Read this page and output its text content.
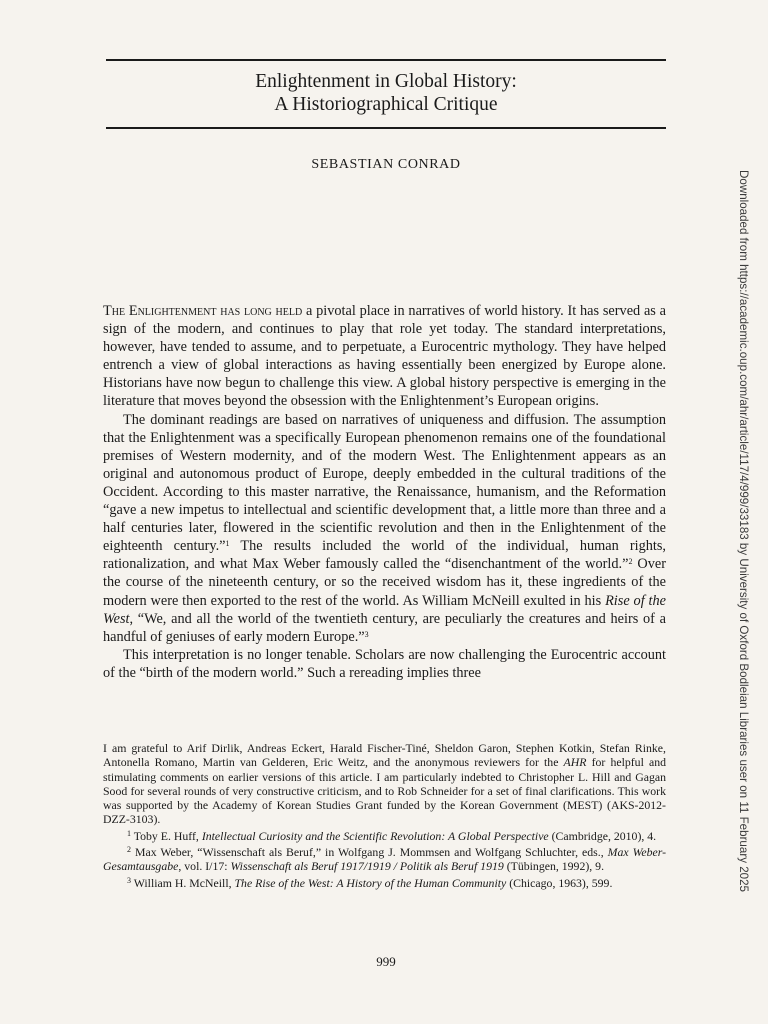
Enlightenment in Global History:
A Historiographical Critique
SEBASTIAN CONRAD
Downloaded from https://academic.oup.com/ahr/article/117/4/999/33183 by University of Oxford Bodleian Libraries user on 11 February 2025

The Enlightenment has long held a pivotal place in narratives of world history. It has served as a sign of the modern, and continues to play that role yet today. The standard interpretations, however, have tended to assume, and to perpetuate, a Eurocentric mythology. They have helped entrench a view of global interactions as having essentially been energized by Europe alone. Historians have now begun to challenge this view. A global history perspective is emerging in the literature that moves beyond the obsession with the Enlightenment’s European origins.

The dominant readings are based on narratives of uniqueness and diffusion. The assumption that the Enlightenment was a specifically European phenomenon remains one of the foundational premises of Western modernity, and of the modern West. The Enlightenment appears as an original and autonomous product of Europe, deeply embedded in the cultural traditions of the Occident. According to this master narrative, the Renaissance, humanism, and the Reformation “gave a new impetus to intellectual and scientific development that, a little more than three and a half centuries later, flowered in the scientific revolution and then in the Enlightenment of the eighteenth century.”$^1$ The results included the world of the individual, human rights, rationalization, and what Max Weber famously called the “disenchantment of the world.”$^2$ Over the course of the nineteenth century, or so the received wisdom has it, these ingredients of the modern were then exported to the rest of the world. As William McNeill exulted in his Rise of the West, “We, and all the world of the twentieth century, are peculiarly the creatures and heirs of a handful of geniuses of early modern Europe.”$^3$

This interpretation is no longer tenable. Scholars are now challenging the Eurocentric account of the “birth of the modern world.” Such a rereading implies three

I am grateful to Arif Dirlik, Andreas Eckert, Harald Fischer-Tiné, Sheldon Garon, Stephen Kotkin, Stefan Rinke, Antonella Romano, Martin van Gelderen, Eric Weitz, and the anonymous reviewers for the AHR for helpful and stimulating comments on earlier versions of this article. I am particularly indebted to Christopher L. Hill and Gagan Sood for several rounds of very constructive criticism, and to Rob Schneider for a set of final clarifications. This work was supported by the Academy of Korean Studies Grant funded by the Korean Government (MEST) (AKS-2012-DZZ-3103).

$^1$ Toby E. Huff, Intellectual Curiosity and the Scientific Revolution: A Global Perspective (Cambridge, 2010), 4.

$^2$ Max Weber, “Wissenschaft als Beruf,” in Wolfgang J. Mommsen and Wolfgang Schluchter, eds., Max Weber-Gesamtausgabe, vol. I/17: Wissenschaft als Beruf 1917/1919 / Politik als Beruf 1919 (Tübingen, 1992), 9.

$^3$ William H. McNeill, The Rise of the West: A History of the Human Community (Chicago, 1963), 599.

999
